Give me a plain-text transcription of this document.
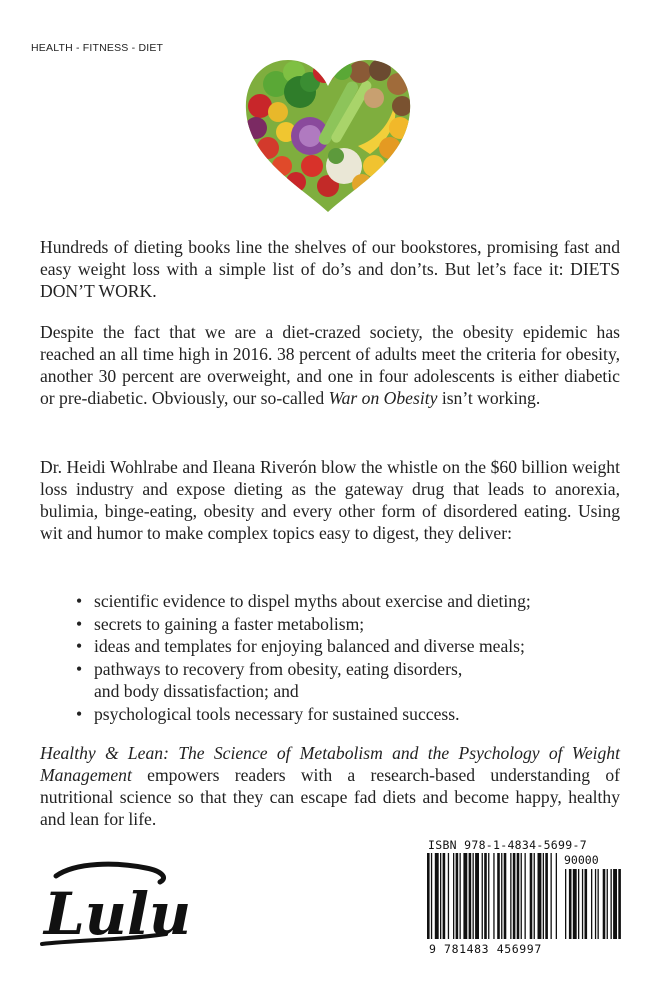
HEALTH - FITNESS - DIET
Hundreds of dieting books line the shelves of our bookstores, promising fast and easy weight loss with a simple list of do’s and don’ts. But let’s face it: DIETS DON’T WORK.
Despite the fact that we are a diet-crazed society, the obesity epidemic has reached an all time high in 2016. 38 percent of adults meet the criteria for obesity, another 30 percent are overweight, and one in four adolescents is either diabetic or pre-diabetic. Obviously, our so-called War on Obesity isn’t working.
Dr. Heidi Wohlrabe and Ileana Riverón blow the whistle on the $60 billion weight loss industry and expose dieting as the gateway drug that leads to anorexia, bulimia, binge-eating, obesity and every other form of disordered eating. Using wit and humor to make complex topics easy to digest, they deliver:
• scientific evidence to dispel myths about exercise and dieting;
• secrets to gaining a faster metabolism;
• ideas and templates for enjoying balanced and diverse meals;
• pathways to recovery from obesity, eating disorders,
and body dissatisfaction; and
• psychological tools necessary for sustained success.
Healthy & Lean: The Science of Metabolism and the Psychology of Weight Management empowers readers with a research-based understanding of nutritional science so that they can escape fad diets and become happy, healthy and lean for life.
Lulu
ISBN 978-1-4834-5699-7
90000
9 781483 456997
